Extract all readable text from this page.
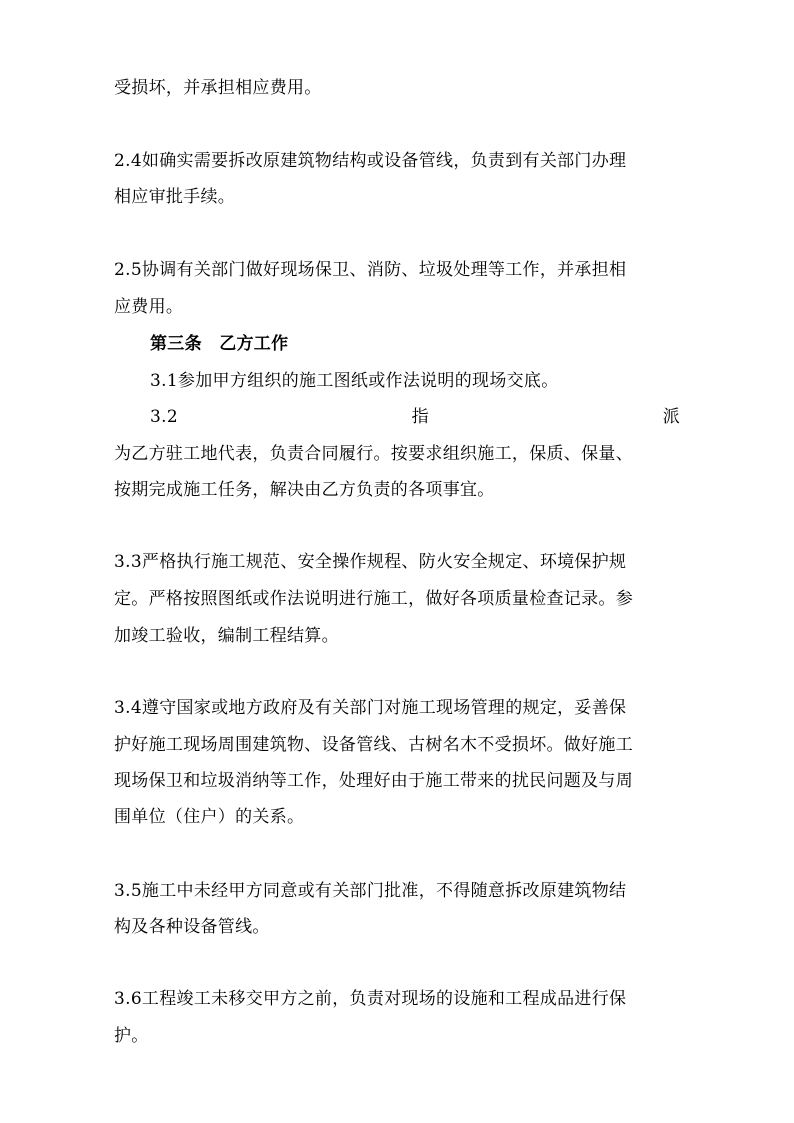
受损坏，并承担相应费用。
2.4如确实需要拆改原建筑物结构或设备管线，负责到有关部门办理
相应审批手续。
2.5协调有关部门做好现场保卫、消防、垃圾处理等工作，并承担相
应费用。
第三条　乙方工作
3.1参加甲方组织的施工图纸或作法说明的现场交底。
3.2	指	派
为乙方驻工地代表，负责合同履行。按要求组织施工，保质、保量、
按期完成施工任务，解决由乙方负责的各项事宜。
3.3严格执行施工规范、安全操作规程、防火安全规定、环境保护规
定。严格按照图纸或作法说明进行施工，做好各项质量检查记录。参
加竣工验收，编制工程结算。
3.4遵守国家或地方政府及有关部门对施工现场管理的规定，妥善保
护好施工现场周围建筑物、设备管线、古树名木不受损坏。做好施工
现场保卫和垃圾消纳等工作，处理好由于施工带来的扰民问题及与周
围单位（住户）的关系。
3.5施工中未经甲方同意或有关部门批准，不得随意拆改原建筑物结
构及各种设备管线。
3.6工程竣工未移交甲方之前，负责对现场的设施和工程成品进行保
护。
